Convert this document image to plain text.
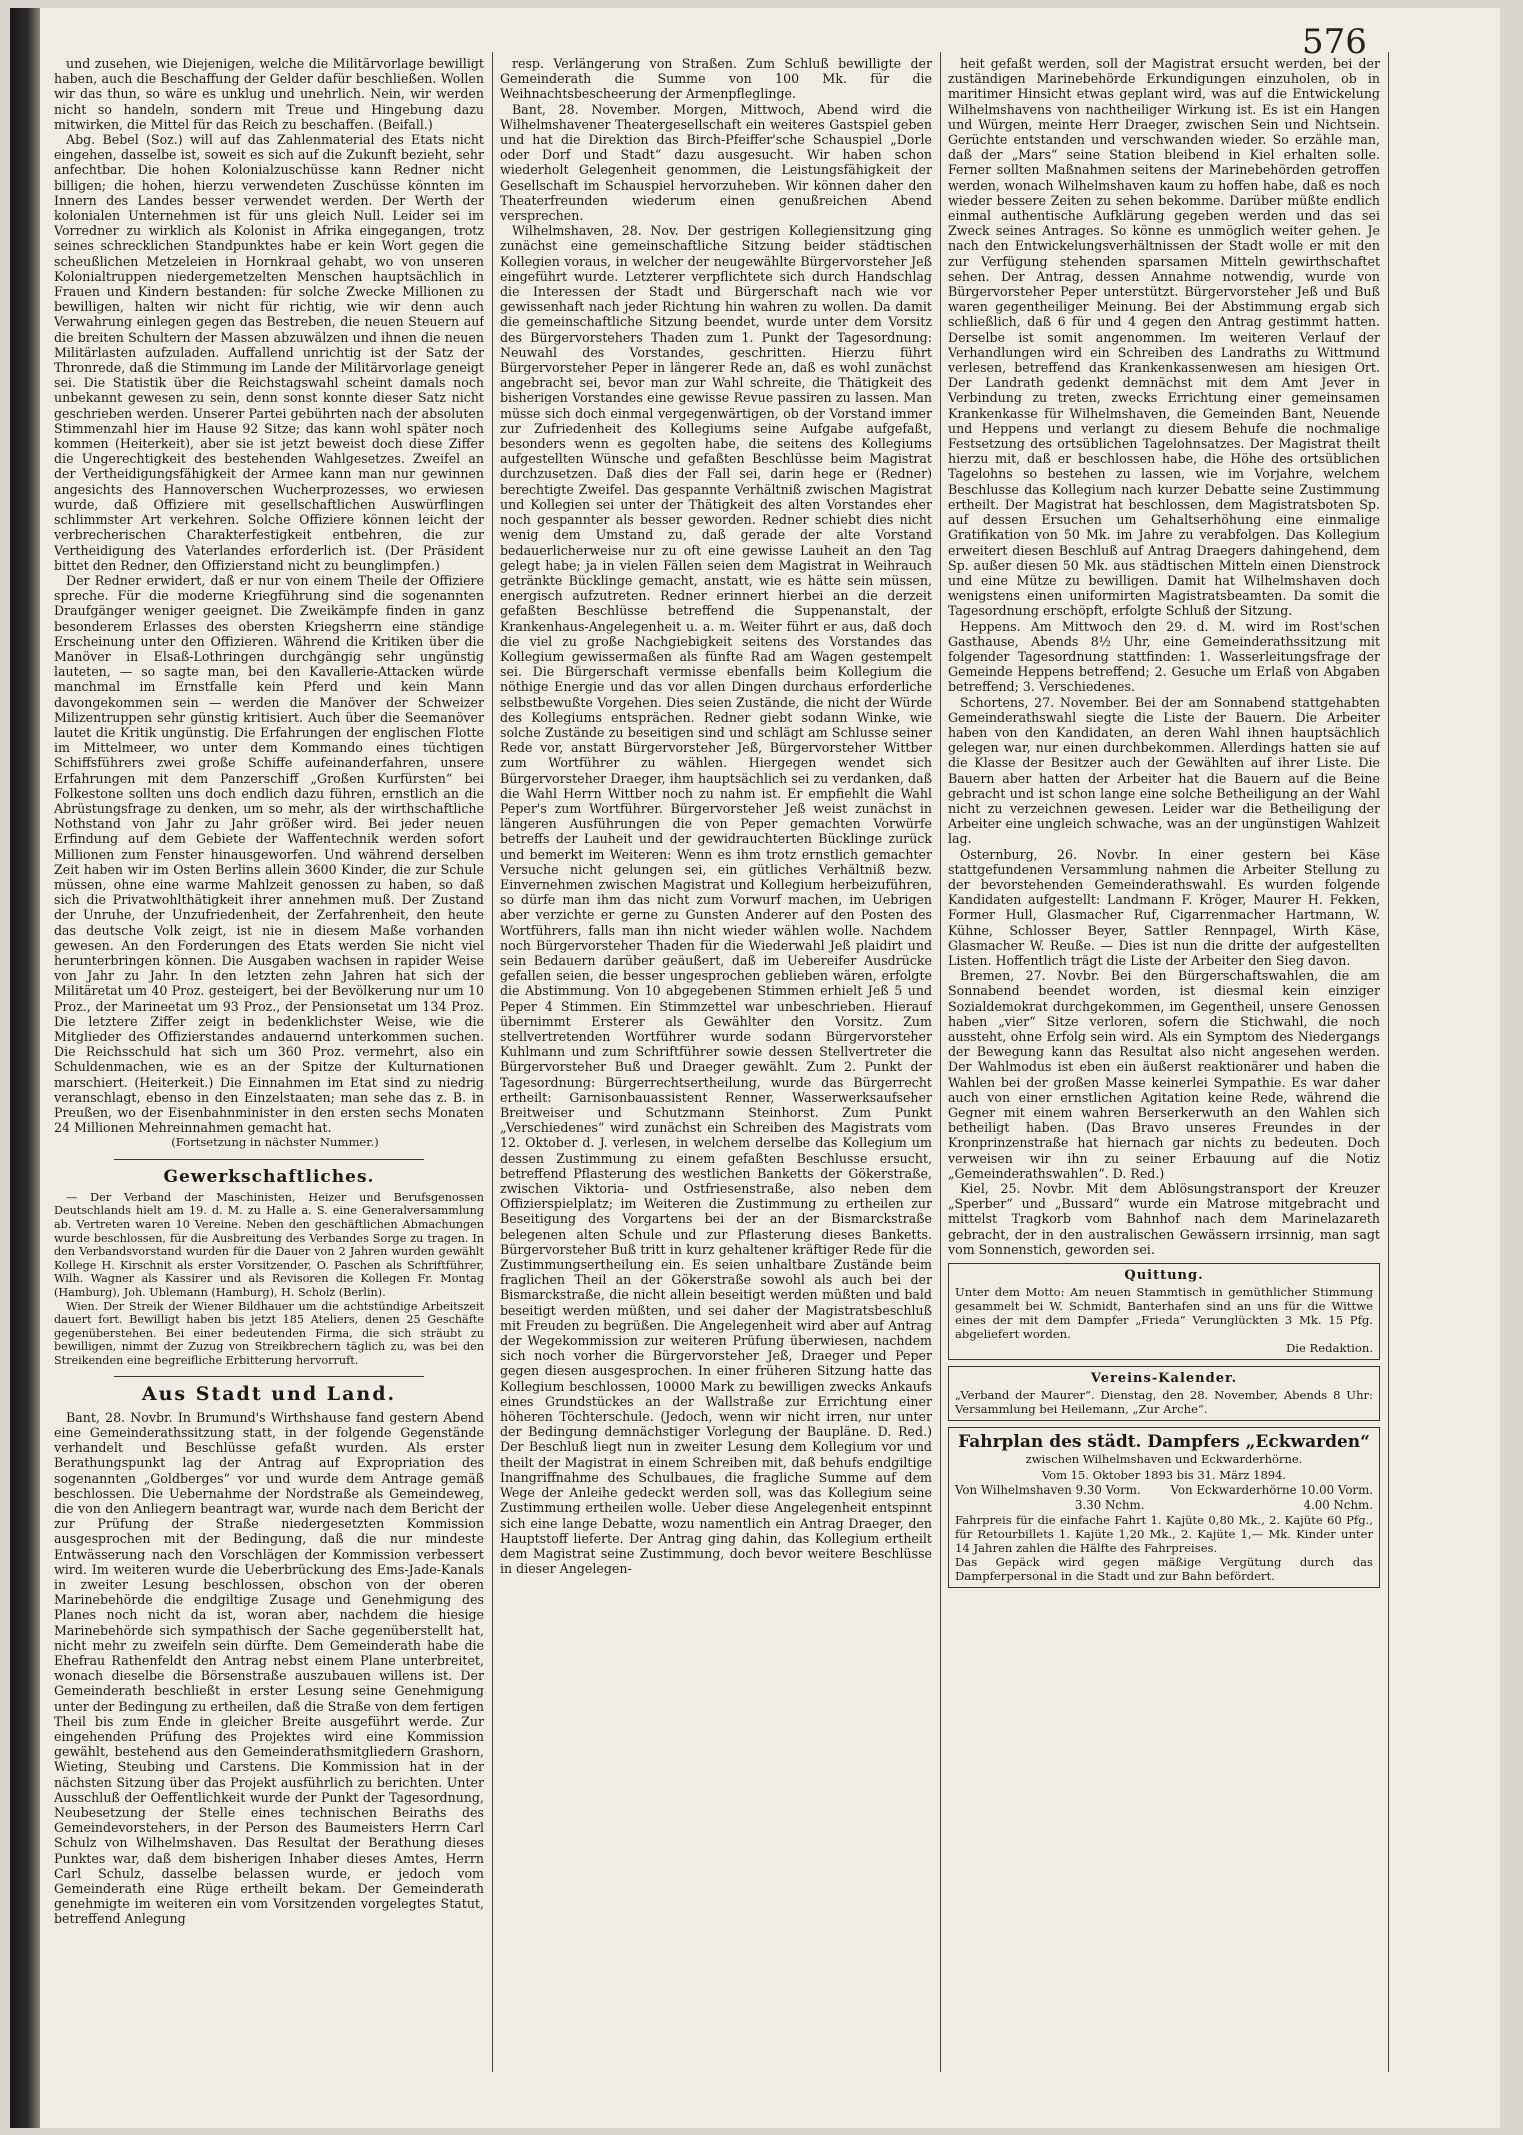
576

und zusehen, wie Diejenigen, welche die Militärvorlage bewilligt haben, auch die Beschaffung der Gelder dafür beschließen. Wollen wir das thun, so wäre es unklug und unehrlich. Nein, wir werden nicht so handeln, sondern mit Treue und Hingebung dazu mitwirken, die Mittel für das Reich zu beschaffen. (Beifall.)

Abg. Bebel (Soz.) will auf das Zahlenmaterial des Etats nicht eingehen, dasselbe ist, soweit es sich auf die Zukunft bezieht, sehr anfechtbar. Die hohen Kolonialzuschüsse kann Redner nicht billigen; die hohen, hierzu verwendeten Zuschüsse könnten im Innern des Landes besser verwendet werden. Der Werth der kolonialen Unternehmen ist für uns gleich Null. Leider sei im Vorredner zu wirklich als Kolonist in Afrika eingegangen, trotz seines schrecklichen Standpunktes habe er kein Wort gegen die scheußlichen Metzeleien in Hornkraal gehabt, wo von unseren Kolonialtruppen niedergemetzelten Menschen hauptsächlich in Frauen und Kindern bestanden: für solche Zwecke Millionen zu bewilligen, halten wir nicht für richtig, wie wir denn auch Verwahrung einlegen gegen das Bestreben, die neuen Steuern auf die breiten Schultern der Massen abzuwälzen und ihnen die neuen Militärlasten aufzuladen. Auffallend unrichtig ist der Satz der Thronrede, daß die Stimmung im Lande der Militärvorlage geneigt sei. Die Statistik über die Reichstagswahl scheint damals noch unbekannt gewesen zu sein, denn sonst konnte dieser Satz nicht geschrieben werden. Unserer Partei gebührten nach der absoluten Stimmenzahl hier im Hause 92 Sitze; das kann wohl später noch kommen (Heiterkeit), aber sie ist jetzt beweist doch diese Ziffer die Ungerechtigkeit des bestehenden Wahlgesetzes. Zweifel an der Vertheidigungsfähigkeit der Armee kann man nur gewinnen angesichts des Hannoverschen Wucherprozesses, wo erwiesen wurde, daß Offiziere mit gesellschaftlichen Auswürflingen schlimmster Art verkehren. Solche Offiziere können leicht der verbrecherischen Charakterfestigkeit entbehren, die zur Vertheidigung des Vaterlandes erforderlich ist. (Der Präsident bittet den Redner, den Offizierstand nicht zu beunglimpfen.)

Der Redner erwidert, daß er nur von einem Theile der Offiziere spreche. Für die moderne Kriegführung sind die sogenannten Draufgänger weniger geeignet. Die Zweikämpfe finden in ganz besonderem Erlasses des obersten Kriegsherrn eine ständige Erscheinung unter den Offizieren. Während die Kritiken über die Manöver in Elsaß-Lothringen durchgängig sehr ungünstig lauteten, — so sagte man, bei den Kavallerie-Attacken würde manchmal im Ernstfalle kein Pferd und kein Mann davongekommen sein — werden die Manöver der Schweizer Milizentruppen sehr günstig kritisiert. Auch über die Seemanöver lautet die Kritik ungünstig. Die Erfahrungen der englischen Flotte im Mittelmeer, wo unter dem Kommando eines tüchtigen Schiffsführers zwei große Schiffe aufeinanderfahren, unsere Erfahrungen mit dem Panzerschiff „Großen Kurfürsten“ bei Folkestone sollten uns doch endlich dazu führen, ernstlich an die Abrüstungsfrage zu denken, um so mehr, als der wirthschaftliche Nothstand von Jahr zu Jahr größer wird. Bei jeder neuen Erfindung auf dem Gebiete der Waffentechnik werden sofort Millionen zum Fenster hinausgeworfen. Und während derselben Zeit haben wir im Osten Berlins allein 3600 Kinder, die zur Schule müssen, ohne eine warme Mahlzeit genossen zu haben, so daß sich die Privatwohlthätigkeit ihrer annehmen muß. Der Zustand der Unruhe, der Unzufriedenheit, der Zerfahrenheit, den heute das deutsche Volk zeigt, ist nie in diesem Maße vorhanden gewesen. An den Forderungen des Etats werden Sie nicht viel herunterbringen können. Die Ausgaben wachsen in rapider Weise von Jahr zu Jahr. In den letzten zehn Jahren hat sich der Militäretat um 40 Proz. gesteigert, bei der Bevölkerung nur um 10 Proz., der Marineetat um 93 Proz., der Pensionsetat um 134 Proz. Die letztere Ziffer zeigt in bedenklichster Weise, wie die Mitglieder des Offizierstandes andauernd unterkommen suchen. Die Reichsschuld hat sich um 360 Proz. vermehrt, also ein Schuldenmachen, wie es an der Spitze der Kulturnationen marschiert. (Heiterkeit.) Die Einnahmen im Etat sind zu niedrig veranschlagt, ebenso in den Einzelstaaten; man sehe das z. B. in Preußen, wo der Eisenbahnminister in den ersten sechs Monaten 24 Millionen Mehreinnahmen gemacht hat.

(Fortsetzung in nächster Nummer.)

Gewerkschaftliches.

— Der Verband der Maschinisten, Heizer und Berufsgenossen Deutschlands hielt am 19. d. M. zu Halle a. S. eine Generalversammlung ab. Vertreten waren 10 Vereine. Neben den geschäftlichen Abmachungen wurde beschlossen, für die Ausbreitung des Verbandes Sorge zu tragen. In den Verbandsvorstand wurden für die Dauer von 2 Jahren wurden gewählt Kollege H. Kirschnit als erster Vorsitzender, O. Paschen als Schriftführer, Wilh. Wagner als Kassirer und als Revisoren die Kollegen Fr. Montag (Hamburg), Joh. Ublemann (Hamburg), H. Scholz (Berlin).

Wien. Der Streik der Wiener Bildhauer um die achtstündige Arbeitszeit dauert fort. Bewilligt haben bis jetzt 185 Ateliers, denen 25 Geschäfte gegenüberstehen. Bei einer bedeutenden Firma, die sich sträubt zu bewilligen, nimmt der Zuzug von Streikbrechern täglich zu, was bei den Streikenden eine begreifliche Erbitterung hervorruft.

Aus Stadt und Land.

Bant, 28. Novbr. In Brumund's Wirthshause fand gestern Abend eine Gemeinderathssitzung statt, in der folgende Gegenstände verhandelt und Beschlüsse gefaßt wurden. Als erster Berathungspunkt lag der Antrag auf Expropriation des sogenannten „Goldberges“ vor und wurde dem Antrage gemäß beschlossen. Die Uebernahme der Nordstraße als Gemeindeweg, die von den Anliegern beantragt war, wurde nach dem Bericht der zur Prüfung der Straße niedergesetzten Kommission ausgesprochen mit der Bedingung, daß die nur mindeste Entwässerung nach den Vorschlägen der Kommission verbessert wird. Im weiteren wurde die Ueberbrückung des Ems-Jade-Kanals in zweiter Lesung beschlossen, obschon von der oberen Marinebehörde die endgiltige Zusage und Genehmigung des Planes noch nicht da ist, woran aber, nachdem die hiesige Marinebehörde sich sympathisch der Sache gegenüberstellt hat, nicht mehr zu zweifeln sein dürfte. Dem Gemeinderath habe die Ehefrau Rathenfeldt den Antrag nebst einem Plane unterbreitet, wonach dieselbe die Börsenstraße auszubauen willens ist. Der Gemeinderath beschließt in erster Lesung seine Genehmigung unter der Bedingung zu ertheilen, daß die Straße von dem fertigen Theil bis zum Ende in gleicher Breite ausgeführt werde. Zur eingehenden Prüfung des Projektes wird eine Kommission gewählt, bestehend aus den Gemeinderathsmitgliedern Grashorn, Wieting, Steubing und Carstens. Die Kommission hat in der nächsten Sitzung über das Projekt ausführlich zu berichten. Unter Ausschluß der Oeffentlichkeit wurde der Punkt der Tagesordnung, Neubesetzung der Stelle eines technischen Beiraths des Gemeindevorstehers, in der Person des Baumeisters Herrn Carl Schulz von Wilhelmshaven. Das Resultat der Berathung dieses Punktes war, daß dem bisherigen Inhaber dieses Amtes, Herrn Carl Schulz, dasselbe belassen wurde, er jedoch vom Gemeinderath eine Rüge ertheilt bekam. Der Gemeinderath genehmigte im weiteren ein vom Vorsitzenden vorgelegtes Statut, betreffend Anlegung

resp. Verlängerung von Straßen. Zum Schluß bewilligte der Gemeinderath die Summe von 100 Mk. für die Weihnachtsbescheerung der Armenpfleglinge.

Bant, 28. November. Morgen, Mittwoch, Abend wird die Wilhelmshavener Theatergesellschaft ein weiteres Gastspiel geben und hat die Direktion das Birch-Pfeiffer'sche Schauspiel „Dorle oder Dorf und Stadt“ dazu ausgesucht. Wir haben schon wiederholt Gelegenheit genommen, die Leistungsfähigkeit der Gesellschaft im Schauspiel hervorzuheben. Wir können daher den Theaterfreunden wiederum einen genußreichen Abend versprechen.

Wilhelmshaven, 28. Nov. Der gestrigen Kollegiensitzung ging zunächst eine gemeinschaftliche Sitzung beider städtischen Kollegien voraus, in welcher der neugewählte Bürgervorsteher Jeß eingeführt wurde. Letzterer verpflichtete sich durch Handschlag die Interessen der Stadt und Bürgerschaft nach wie vor gewissenhaft nach jeder Richtung hin wahren zu wollen. Da damit die gemeinschaftliche Sitzung beendet, wurde unter dem Vorsitz des Bürgervorstehers Thaden zum 1. Punkt der Tagesordnung: Neuwahl des Vorstandes, geschritten. Hierzu führt Bürgervorsteher Peper in längerer Rede an, daß es wohl zunächst angebracht sei, bevor man zur Wahl schreite, die Thätigkeit des bisherigen Vorstandes eine gewisse Revue passiren zu lassen. Man müsse sich doch einmal vergegenwärtigen, ob der Vorstand immer zur Zufriedenheit des Kollegiums seine Aufgabe aufgefaßt, besonders wenn es gegolten habe, die seitens des Kollegiums aufgestellten Wünsche und gefaßten Beschlüsse beim Magistrat durchzusetzen. Daß dies der Fall sei, darin hege er (Redner) berechtigte Zweifel. Das gespannte Verhältniß zwischen Magistrat und Kollegien sei unter der Thätigkeit des alten Vorstandes eher noch gespannter als besser geworden. Redner schiebt dies nicht wenig dem Umstand zu, daß gerade der alte Vorstand bedauerlicherweise nur zu oft eine gewisse Lauheit an den Tag gelegt habe; ja in vielen Fällen seien dem Magistrat in Weihrauch getränkte Bücklinge gemacht, anstatt, wie es hätte sein müssen, energisch aufzutreten. Redner erinnert hierbei an die derzeit gefaßten Beschlüsse betreffend die Suppenanstalt, der Krankenhaus-Angelegenheit u. a. m. Weiter führt er aus, daß doch die viel zu große Nachgiebigkeit seitens des Vorstandes das Kollegium gewissermaßen als fünfte Rad am Wagen gestempelt sei. Die Bürgerschaft vermisse ebenfalls beim Kollegium die nöthige Energie und das vor allen Dingen durchaus erforderliche selbstbewußte Vorgehen. Dies seien Zustände, die nicht der Würde des Kollegiums entsprächen. Redner giebt sodann Winke, wie solche Zustände zu beseitigen sind und schlägt am Schlusse seiner Rede vor, anstatt Bürgervorsteher Jeß, Bürgervorsteher Wittber zum Wortführer zu wählen. Hiergegen wendet sich Bürgervorsteher Draeger, ihm hauptsächlich sei zu verdanken, daß die Wahl Herrn Wittber noch zu nahm ist. Er empfiehlt die Wahl Peper's zum Wortführer. Bürgervorsteher Jeß weist zunächst in längeren Ausführungen die von Peper gemachten Vorwürfe betreffs der Lauheit und der gewidrauchterten Bücklinge zurück und bemerkt im Weiteren: Wenn es ihm trotz ernstlich gemachter Versuche nicht gelungen sei, ein gütliches Verhältniß bezw. Einvernehmen zwischen Magistrat und Kollegium herbeizuführen, so dürfe man ihm das nicht zum Vorwurf machen, im Uebrigen aber verzichte er gerne zu Gunsten Anderer auf den Posten des Wortführers, falls man ihn nicht wieder wählen wolle. Nachdem noch Bürgervorsteher Thaden für die Wiederwahl Jeß plaidirt und sein Bedauern darüber geäußert, daß im Uebereifer Ausdrücke gefallen seien, die besser ungesprochen geblieben wären, erfolgte die Abstimmung. Von 10 abgegebenen Stimmen erhielt Jeß 5 und Peper 4 Stimmen. Ein Stimmzettel war unbeschrieben. Hierauf übernimmt Ersterer als Gewählter den Vorsitz. Zum stellvertretenden Wortführer wurde sodann Bürgervorsteher Kuhlmann und zum Schriftführer sowie dessen Stellvertreter die Bürgervorsteher Buß und Draeger gewählt. Zum 2. Punkt der Tagesordnung: Bürgerrechtsertheilung, wurde das Bürgerrecht ertheilt: Garnisonbauassistent Renner, Wasserwerksaufseher Breitweiser und Schutzmann Steinhorst. Zum Punkt „Verschiedenes“ wird zunächst ein Schreiben des Magistrats vom 12. Oktober d. J. verlesen, in welchem derselbe das Kollegium um dessen Zustimmung zu einem gefaßten Beschlusse ersucht, betreffend Pflasterung des westlichen Banketts der Gökerstraße, zwischen Viktoria- und Ostfriesenstraße, also neben dem Offizierspielplatz; im Weiteren die Zustimmung zu ertheilen zur Beseitigung des Vorgartens bei der an der Bismarckstraße belegenen alten Schule und zur Pflasterung dieses Banketts. Bürgervorsteher Buß tritt in kurz gehaltener kräftiger Rede für die Zustimmungsertheilung ein. Es seien unhaltbare Zustände beim fraglichen Theil an der Gökerstraße sowohl als auch bei der Bismarckstraße, die nicht allein beseitigt werden müßten und bald beseitigt werden müßten, und sei daher der Magistratsbeschluß mit Freuden zu begrüßen. Die Angelegenheit wird aber auf Antrag der Wegekommission zur weiteren Prüfung überwiesen, nachdem sich noch vorher die Bürgervorsteher Jeß, Draeger und Peper gegen diesen ausgesprochen. In einer früheren Sitzung hatte das Kollegium beschlossen, 10000 Mark zu bewilligen zwecks Ankaufs eines Grundstückes an der Wallstraße zur Errichtung einer höheren Töchterschule. (Jedoch, wenn wir nicht irren, nur unter der Bedingung demnächstiger Vorlegung der Baupläne. D. Red.) Der Beschluß liegt nun in zweiter Lesung dem Kollegium vor und theilt der Magistrat in einem Schreiben mit, daß behufs endgiltige Inangriffnahme des Schulbaues, die fragliche Summe auf dem Wege der Anleihe gedeckt werden soll, was das Kollegium seine Zustimmung ertheilen wolle. Ueber diese Angelegenheit entspinnt sich eine lange Debatte, wozu namentlich ein Antrag Draeger, den Hauptstoff lieferte. Der Antrag ging dahin, das Kollegium ertheilt dem Magistrat seine Zustimmung, doch bevor weitere Beschlüsse in dieser Angelegen-

heit gefaßt werden, soll der Magistrat ersucht werden, bei der zuständigen Marinebehörde Erkundigungen einzuholen, ob in maritimer Hinsicht etwas geplant wird, was auf die Entwickelung Wilhelmshavens von nachtheiliger Wirkung ist. Es ist ein Hangen und Würgen, meinte Herr Draeger, zwischen Sein und Nichtsein. Gerüchte entstanden und verschwanden wieder. So erzähle man, daß der „Mars“ seine Station bleibend in Kiel erhalten solle. Ferner sollten Maßnahmen seitens der Marinebehörden getroffen werden, wonach Wilhelmshaven kaum zu hoffen habe, daß es noch wieder bessere Zeiten zu sehen bekomme. Darüber müßte endlich einmal authentische Aufklärung gegeben werden und das sei Zweck seines Antrages. So könne es unmöglich weiter gehen. Je nach den Entwickelungsverhältnissen der Stadt wolle er mit den zur Verfügung stehenden sparsamen Mitteln gewirthschaftet sehen. Der Antrag, dessen Annahme notwendig, wurde von Bürgervorsteher Peper unterstützt. Bürgervorsteher Jeß und Buß waren gegentheiliger Meinung. Bei der Abstimmung ergab sich schließlich, daß 6 für und 4 gegen den Antrag gestimmt hatten. Derselbe ist somit angenommen. Im weiteren Verlauf der Verhandlungen wird ein Schreiben des Landraths zu Wittmund verlesen, betreffend das Krankenkassenwesen am hiesigen Ort. Der Landrath gedenkt demnächst mit dem Amt Jever in Verbindung zu treten, zwecks Errichtung einer gemeinsamen Krankenkasse für Wilhelmshaven, die Gemeinden Bant, Neuende und Heppens und verlangt zu diesem Behufe die nochmalige Festsetzung des ortsüblichen Tagelohnsatzes. Der Magistrat theilt hierzu mit, daß er beschlossen habe, die Höhe des ortsüblichen Tagelohns so bestehen zu lassen, wie im Vorjahre, welchem Beschlusse das Kollegium nach kurzer Debatte seine Zustimmung ertheilt. Der Magistrat hat beschlossen, dem Magistratsboten Sp. auf dessen Ersuchen um Gehaltserhöhung eine einmalige Gratifikation von 50 Mk. im Jahre zu verabfolgen. Das Kollegium erweitert diesen Beschluß auf Antrag Draegers dahingehend, dem Sp. außer diesen 50 Mk. aus städtischen Mitteln einen Dienstrock und eine Mütze zu bewilligen. Damit hat Wilhelmshaven doch wenigstens einen uniformirten Magistratsbeamten. Da somit die Tagesordnung erschöpft, erfolgte Schluß der Sitzung.

Heppens. Am Mittwoch den 29. d. M. wird im Rost'schen Gasthause, Abends 8½ Uhr, eine Gemeinderathssitzung mit folgender Tagesordnung stattfinden: 1. Wasserleitungsfrage der Gemeinde Heppens betreffend; 2. Gesuche um Erlaß von Abgaben betreffend; 3. Verschiedenes.

Schortens, 27. November. Bei der am Sonnabend stattgehabten Gemeinderathswahl siegte die Liste der Bauern. Die Arbeiter haben von den Kandidaten, an deren Wahl ihnen hauptsächlich gelegen war, nur einen durchbekommen. Allerdings hatten sie auf die Klasse der Besitzer auch der Gewählten auf ihrer Liste. Die Bauern aber hatten der Arbeiter hat die Bauern auf die Beine gebracht und ist schon lange eine solche Betheiligung an der Wahl nicht zu verzeichnen gewesen. Leider war die Betheiligung der Arbeiter eine ungleich schwache, was an der ungünstigen Wahlzeit lag.

Osternburg, 26. Novbr. In einer gestern bei Käse stattgefundenen Versammlung nahmen die Arbeiter Stellung zu der bevorstehenden Gemeinderathswahl. Es wurden folgende Kandidaten aufgestellt: Landmann F. Kröger, Maurer H. Fekken, Former Hull, Glasmacher Ruf, Cigarrenmacher Hartmann, W. Kühne, Schlosser Beyer, Sattler Rennpagel, Wirth Käse, Glasmacher W. Reuße. — Dies ist nun die dritte der aufgestellten Listen. Hoffentlich trägt die Liste der Arbeiter den Sieg davon.

Bremen, 27. Novbr. Bei den Bürgerschaftswahlen, die am Sonnabend beendet worden, ist diesmal kein einziger Sozialdemokrat durchgekommen, im Gegentheil, unsere Genossen haben „vier“ Sitze verloren, sofern die Stichwahl, die noch aussteht, ohne Erfolg sein wird. Als ein Symptom des Niedergangs der Bewegung kann das Resultat also nicht angesehen werden. Der Wahlmodus ist eben ein äußerst reaktionärer und haben die Wahlen bei der großen Masse keinerlei Sympathie. Es war daher auch von einer ernstlichen Agitation keine Rede, während die Gegner mit einem wahren Berserkerwuth an den Wahlen sich betheiligt haben. (Das Bravo unseres Freundes in der Kronprinzenstraße hat hiernach gar nichts zu bedeuten. Doch verweisen wir ihn zu seiner Erbauung auf die Notiz „Gemeinderathswahlen“. D. Red.)

Kiel, 25. Novbr. Mit dem Ablösungstransport der Kreuzer „Sperber“ und „Bussard“ wurde ein Matrose mitgebracht und mittelst Tragkorb vom Bahnhof nach dem Marinelazareth gebracht, der in den australischen Gewässern irrsinnig, man sagt vom Sonnenstich, geworden sei.

Quittung.

Unter dem Motto: Am neuen Stammtisch in gemüthlicher Stimmung gesammelt bei W. Schmidt, Banterhafen sind an uns für die Wittwe eines der mit dem Dampfer „Frieda“ Verunglückten 3 Mk. 15 Pfg. abgeliefert worden.

Die Redaktion.

Vereins-Kalender.

„Verband der Maurer“. Dienstag, den 28. November, Abends 8 Uhr: Versammlung bei Heilemann, „Zur Arche“.

Fahrplan des städt. Dampfers „Eckwarden“
zwischen Wilhelmshaven und Eckwarderhörne.
Vom 15. Oktober 1893 bis 31. März 1894.
Von Wilhelmshaven 9.30 Vorm.	Von Eckwarderhörne 10.00 Vorm.
3.30 Nchm.	4.00 Nchm.

Fahrpreis für die einfache Fahrt 1. Kajüte 0,80 Mk., 2. Kajüte 60 Pfg., für Retourbillets 1. Kajüte 1,20 Mk., 2. Kajüte 1,— Mk. Kinder unter 14 Jahren zahlen die Hälfte des Fahrpreises.

Das Gepäck wird gegen mäßige Vergütung durch das Dampferpersonal in die Stadt und zur Bahn befördert.
